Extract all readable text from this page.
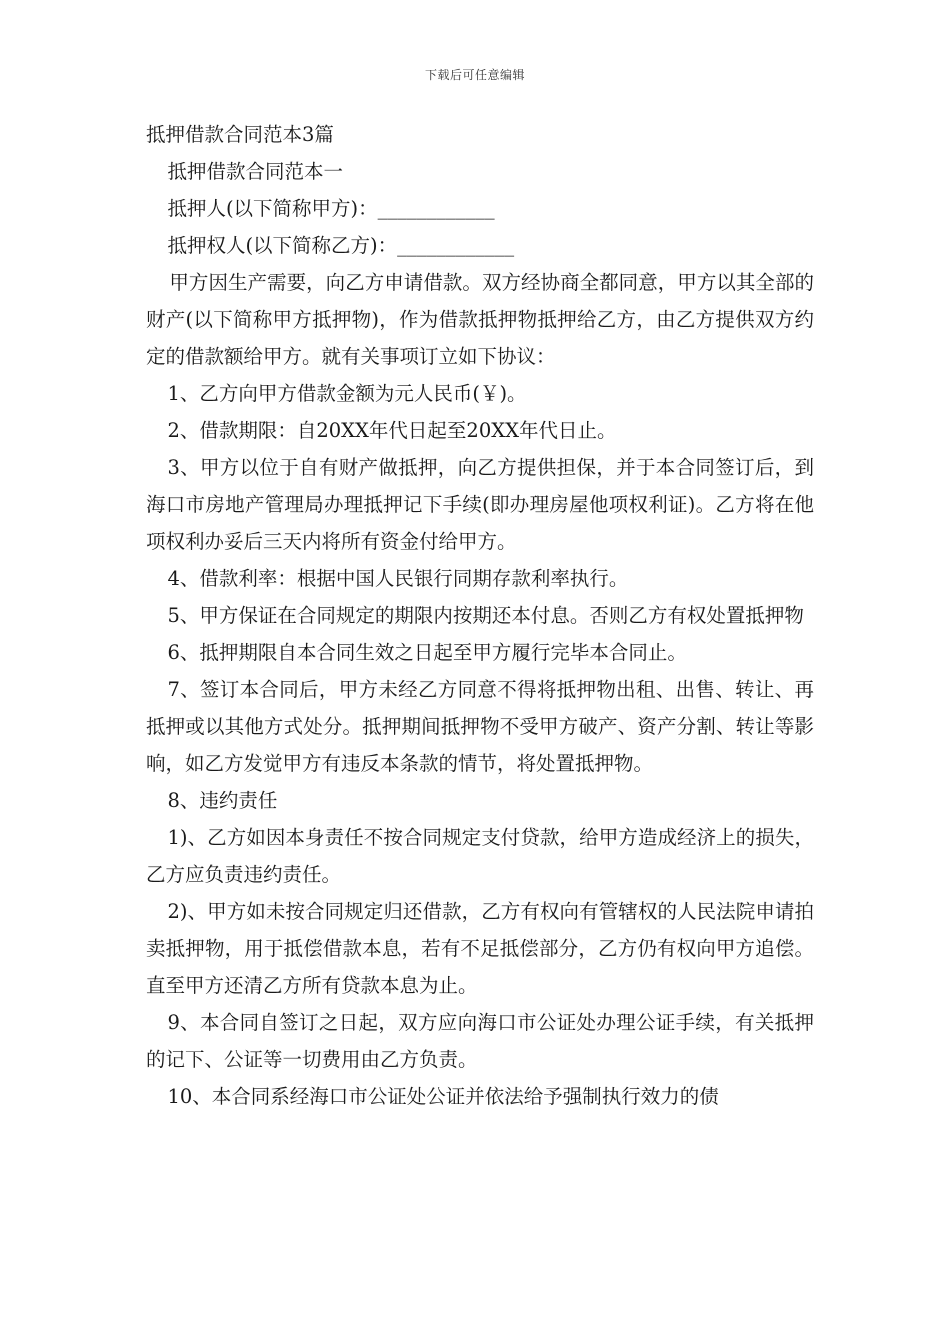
下载后可任意编辑
抵押借款合同范本3篇

抵押借款合同范本一

抵押人(以下简称甲方)：____________

抵押权人(以下简称乙方)：____________

甲方因生产需要，向乙方申请借款。双方经协商全都同意，甲方以其全部的财产(以下简称甲方抵押物)，作为借款抵押物抵押给乙方，由乙方提供双方约定的借款额给甲方。就有关事项订立如下协议：

1、乙方向甲方借款金额为元人民币(￥)。

2、借款期限：自20XX年代日起至20XX年代日止。

3、甲方以位于自有财产做抵押，向乙方提供担保，并于本合同签订后，到海口市房地产管理局办理抵押记下手续(即办理房屋他项权利证)。乙方将在他项权利办妥后三天内将所有资金付给甲方。

4、借款利率：根据中国人民银行同期存款利率执行。

5、甲方保证在合同规定的期限内按期还本付息。否则乙方有权处置抵押物

6、抵押期限自本合同生效之日起至甲方履行完毕本合同止。

7、签订本合同后，甲方未经乙方同意不得将抵押物出租、出售、转让、再抵押或以其他方式处分。抵押期间抵押物不受甲方破产、资产分割、转让等影响，如乙方发觉甲方有违反本条款的情节，将处置抵押物。

8、违约责任

1)、乙方如因本身责任不按合同规定支付贷款，给甲方造成经济上的损失，乙方应负责违约责任。

2)、甲方如未按合同规定归还借款，乙方有权向有管辖权的人民法院申请拍卖抵押物，用于抵偿借款本息，若有不足抵偿部分，乙方仍有权向甲方追偿。直至甲方还清乙方所有贷款本息为止。

9、本合同自签订之日起，双方应向海口市公证处办理公证手续，有关抵押的记下、公证等一切费用由乙方负责。

10、本合同系经海口市公证处公证并依法给予强制执行效力的债
